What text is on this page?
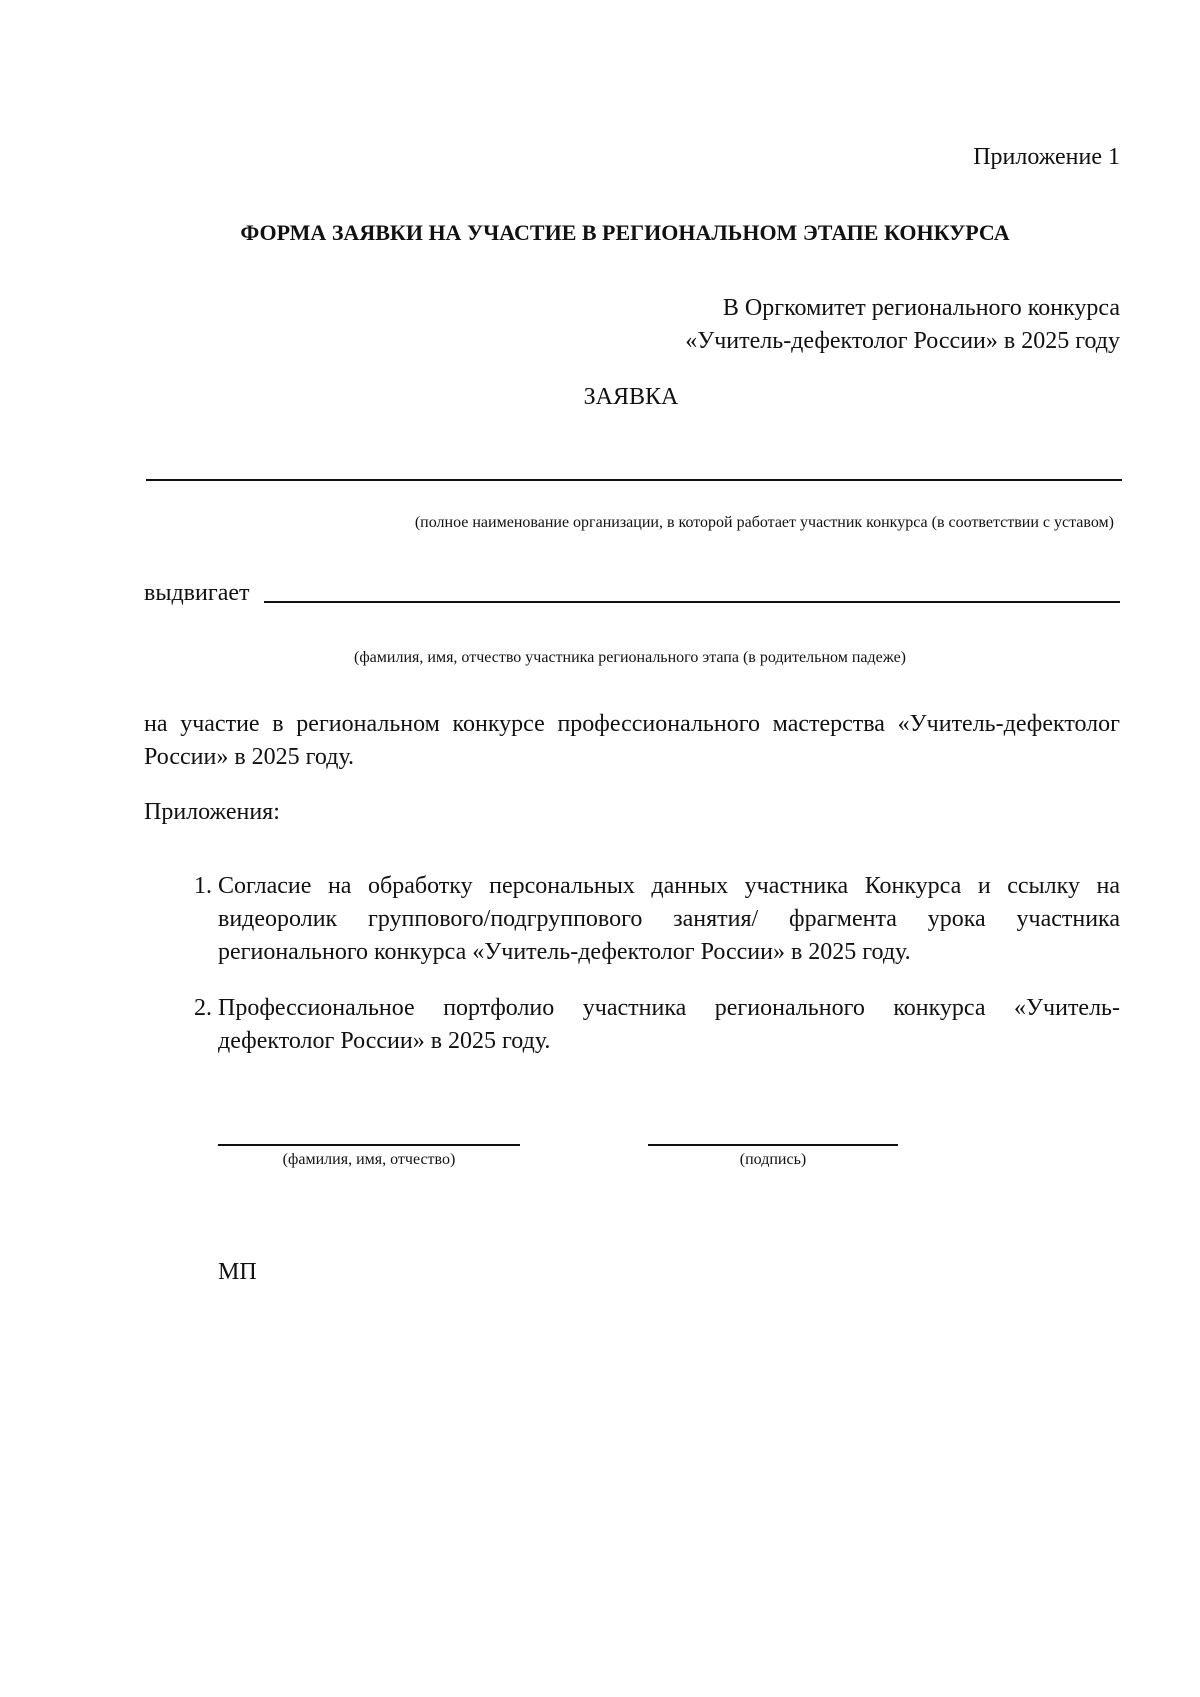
Приложение 1
ФОРМА ЗАЯВКИ НА УЧАСТИЕ В РЕГИОНАЛЬНОМ ЭТАПЕ КОНКУРСА
В Оргкомитет регионального конкурса
«Учитель-дефектолог России» в 2025 году
ЗАЯВКА
(полное наименование организации, в которой работает участник конкурса (в соответствии с уставом)
выдвигает
(фамилия, имя, отчество участника регионального этапа (в родительном падеже)
на участие в региональном конкурсе профессионального мастерства «Учитель-дефектолог России» в 2025 году.
Приложения:
1. Согласие на обработку персональных данных участника Конкурса и ссылку на видеоролик группового/подгруппового занятия/ фрагмента урока участника регионального конкурса «Учитель-дефектолог России» в 2025 году.
2. Профессиональное портфолио участника регионального конкурса «Учитель-дефектолог России» в 2025 году.
(фамилия, имя, отчество)	(подпись)
МП
